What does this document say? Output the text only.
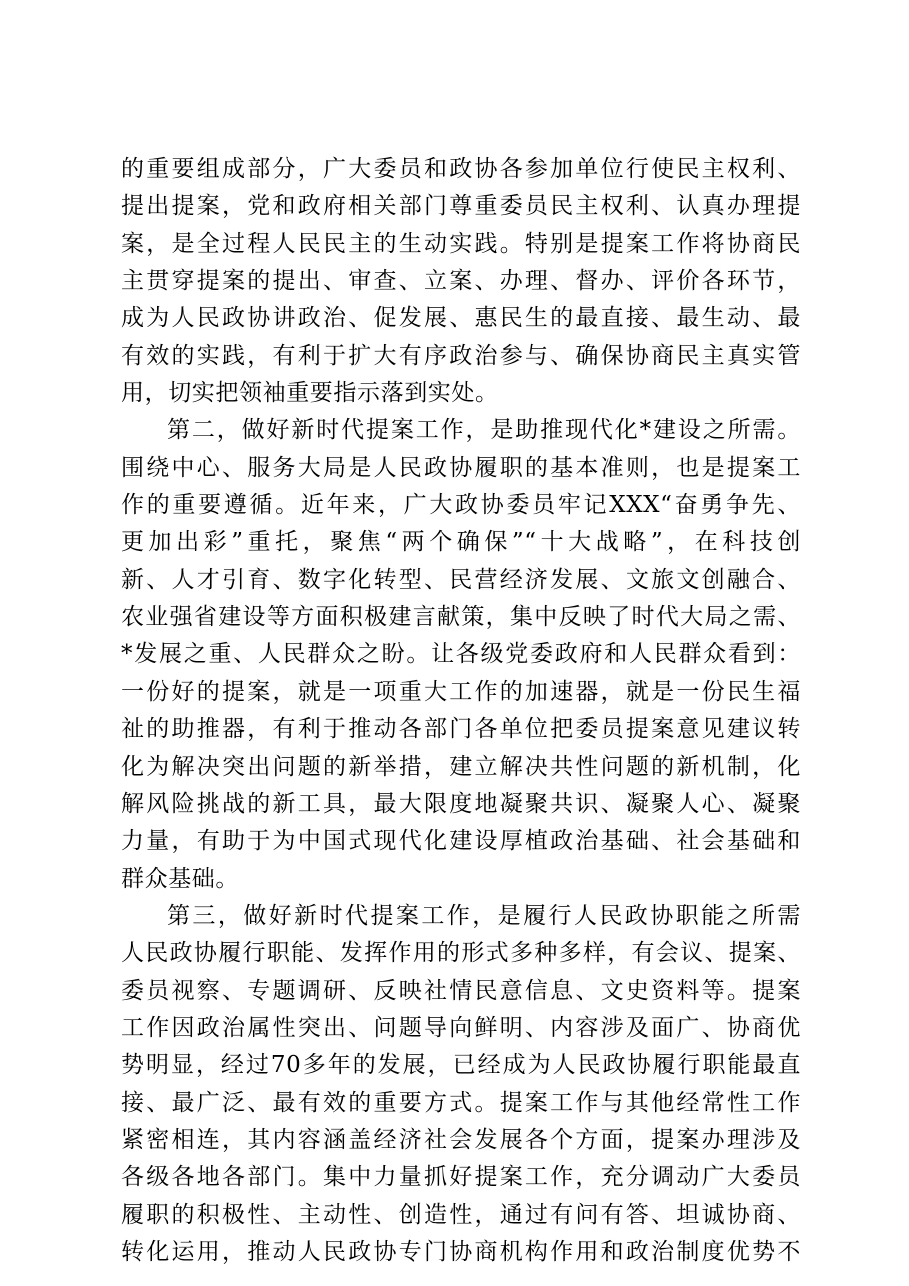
的重要组成部分，广大委员和政协各参加单位行使民主权利、
提出提案，党和政府相关部门尊重委员民主权利、认真办理提
案，是全过程人民民主的生动实践。特别是提案工作将协商民
主贯穿提案的提出、审查、立案、办理、督办、评价各环节，
成为人民政协讲政治、促发展、惠民生的最直接、最生动、最
有效的实践，有利于扩大有序政治参与、确保协商民主真实管
用，切实把领袖重要指示落到实处。
第二，做好新时代提案工作，是助推现代化*建设之所需。
围绕中心、服务大局是人民政协履职的基本准则，也是提案工
作的重要遵循。近年来，广大政协委员牢记XXX“奋勇争先、
更加出彩”重托，聚焦“两个确保”“十大战略”，在科技创
新、人才引育、数字化转型、民营经济发展、文旅文创融合、
农业强省建设等方面积极建言献策，集中反映了时代大局之需、
*发展之重、人民群众之盼。让各级党委政府和人民群众看到：
一份好的提案，就是一项重大工作的加速器，就是一份民生福
祉的助推器，有利于推动各部门各单位把委员提案意见建议转
化为解决突出问题的新举措，建立解决共性问题的新机制，化
解风险挑战的新工具，最大限度地凝聚共识、凝聚人心、凝聚
力量，有助于为中国式现代化建设厚植政治基础、社会基础和
群众基础。
第三，做好新时代提案工作，是履行人民政协职能之所需
人民政协履行职能、发挥作用的形式多种多样，有会议、提案、
委员视察、专题调研、反映社情民意信息、文史资料等。提案
工作因政治属性突出、问题导向鲜明、内容涉及面广、协商优
势明显，经过70多年的发展，已经成为人民政协履行职能最直
接、最广泛、最有效的重要方式。提案工作与其他经常性工作
紧密相连，其内容涵盖经济社会发展各个方面，提案办理涉及
各级各地各部门。集中力量抓好提案工作，充分调动广大委员
履职的积极性、主动性、创造性，通过有问有答、坦诚协商、
转化运用，推动人民政协专门协商机构作用和政治制度优势不
